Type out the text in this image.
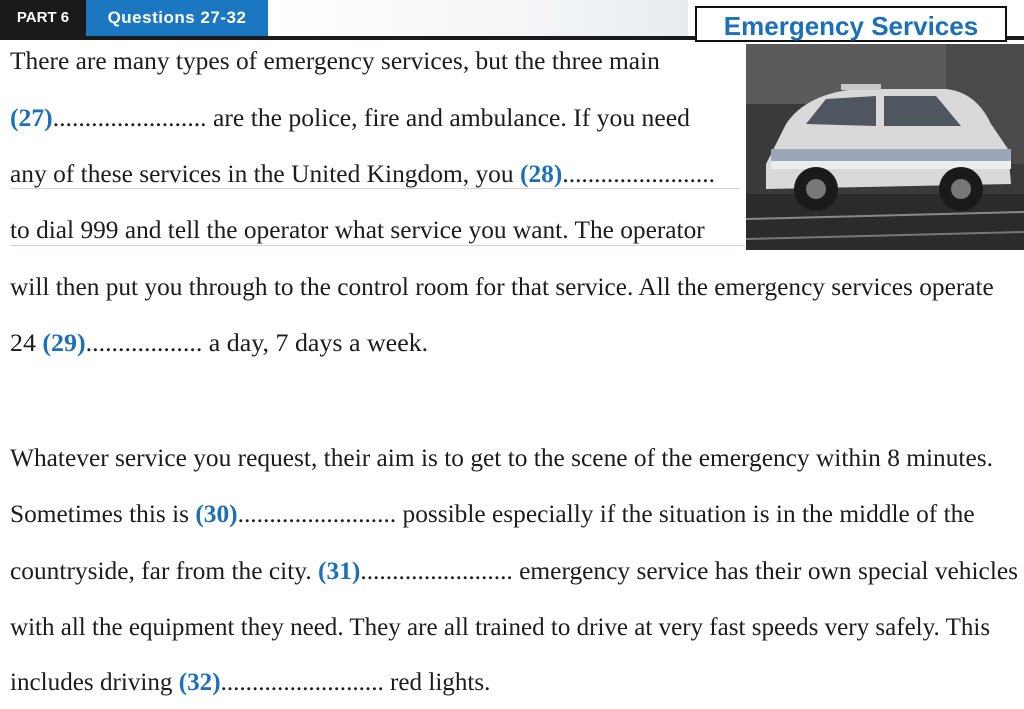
PART 6	Questions 27-32	Emergency Services
There are many types of emergency services, but the three main
(27)........................ are the police, fire and ambulance. If you need
any of these services in the United Kingdom, you (28)........................
to dial 999 and tell the operator what service you want. The operator
will then put you through to the control room for that service. All the emergency services operate
24 (29).................. a day, 7 days a week.
Whatever service you request, their aim is to get to the scene of the emergency within 8 minutes.
Sometimes this is (30)......................... possible especially if the situation is in the middle of the
countryside, far from the city. (31)........................ emergency service has their own special vehicles
with all the equipment they need. They are all trained to drive at very fast speeds very safely. This
includes driving (32).......................... red lights.
